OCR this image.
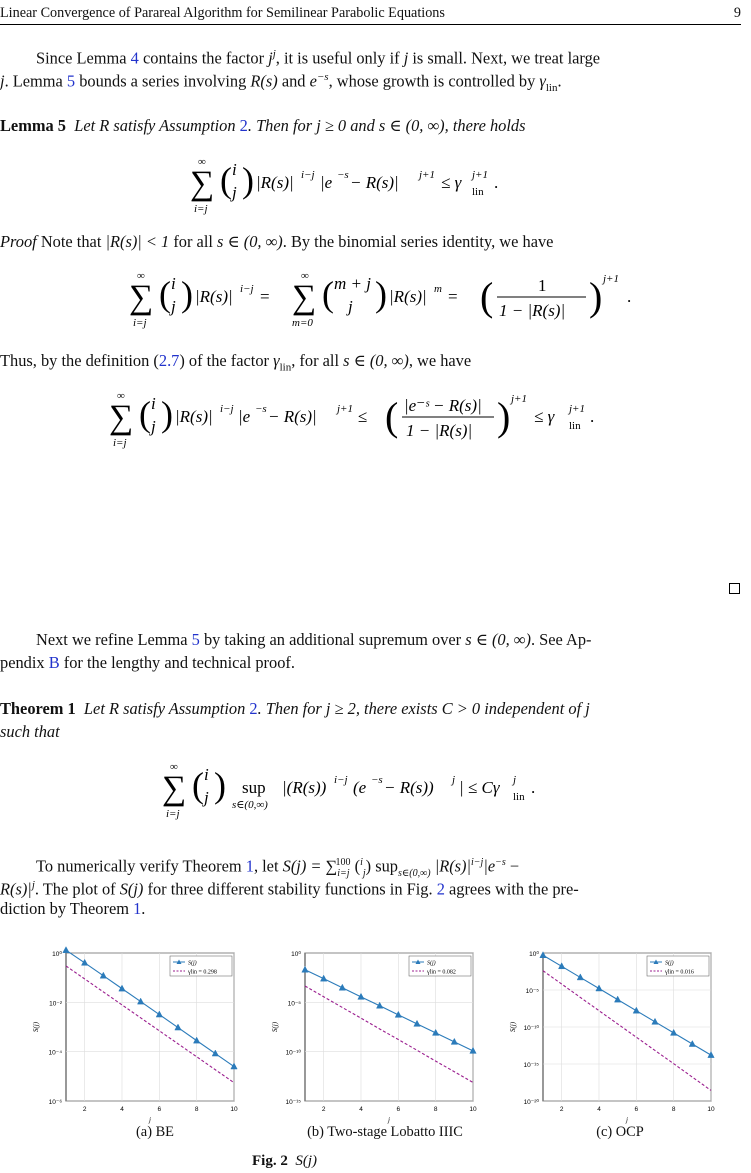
Linear Convergence of Parareal Algorithm for Semilinear Parabolic Equations	9
Since Lemma 4 contains the factor $j^j$, it is useful only if j is small. Next, we treat large
j. Lemma 5 bounds a series involving R(s) and $e^{-s}$, whose growth is controlled by $\gamma_{lin}$.
Lemma 5 Let R satisfy Assumption 2. Then for j ≥ 0 and s ∈ (0, ∞), there holds
∞
∑
i=j
( i
j ) |R(s)| i−j |e −s − R(s)| j+1 ≤ γ lin
j+1 .
Proof Note that |R(s)| < 1 for all s ∈ (0, ∞). By the binomial series identity, we have
∞
∑
i=j
( i
j ) |R(s)| i−j =
∞
∑
m=0
( m + j
j ) |R(s)| m = (	1
1 − |R(s)| ) j+1
.
Thus, by the definition (2.7) of the factor $\gamma_{lin}$, for all s ∈ (0, ∞), we have
∞
∑
i=j
( i
j ) |R(s)| i−j |e −s − R(s)| j+1 ≤ ( |e⁻ˢ − R(s)|
1 − |R(s)| ) j+1
≤ γ lin
j+1 .
Next we refine Lemma 5 by taking an additional supremum over s ∈ (0, ∞). See Ap-
pendix B for the lengthy and technical proof.
Theorem 1 Let R satisfy Assumption 2. Then for j ≥ 2, there exists C > 0 independent of j
such that
∞
∑
i=j
( i
j ) sup
s∈(0,∞)
|(R(s)) i−j (e −s − R(s)) j | ≤ Cγ lin
j .
To numerically verify Theorem 1, let $S(j) = \sum_{i=j}^{100}$ ($^i_j$) sup$_{s\in(0,\infty)}$ $|R(s)|^{i-j}|e^{-s}$ −
$R(s)|^j$. The plot of S(j) for three different stability functions in Fig. 2 agrees with the pre-
diction by Theorem 1.
10⁰
10⁻²
10⁻⁴
10⁻⁶
2	4	6	8	10
j
S(j)
S(j)
γlin = 0.298
10⁰
10⁻⁵
10⁻¹⁰
10⁻¹⁵
2	4	6	8	10
j
S(j)
S(j)
γlin = 0.082
10⁰
10⁻⁵
10⁻¹⁰
10⁻¹⁵
10⁻²⁰
2	4	6	8	10
j
S(j)
S(j)
γlin = 0.016
(a) BE	(b) Two-stage Lobatto IIIC	(c) OCP
Fig. 2 S(j)
